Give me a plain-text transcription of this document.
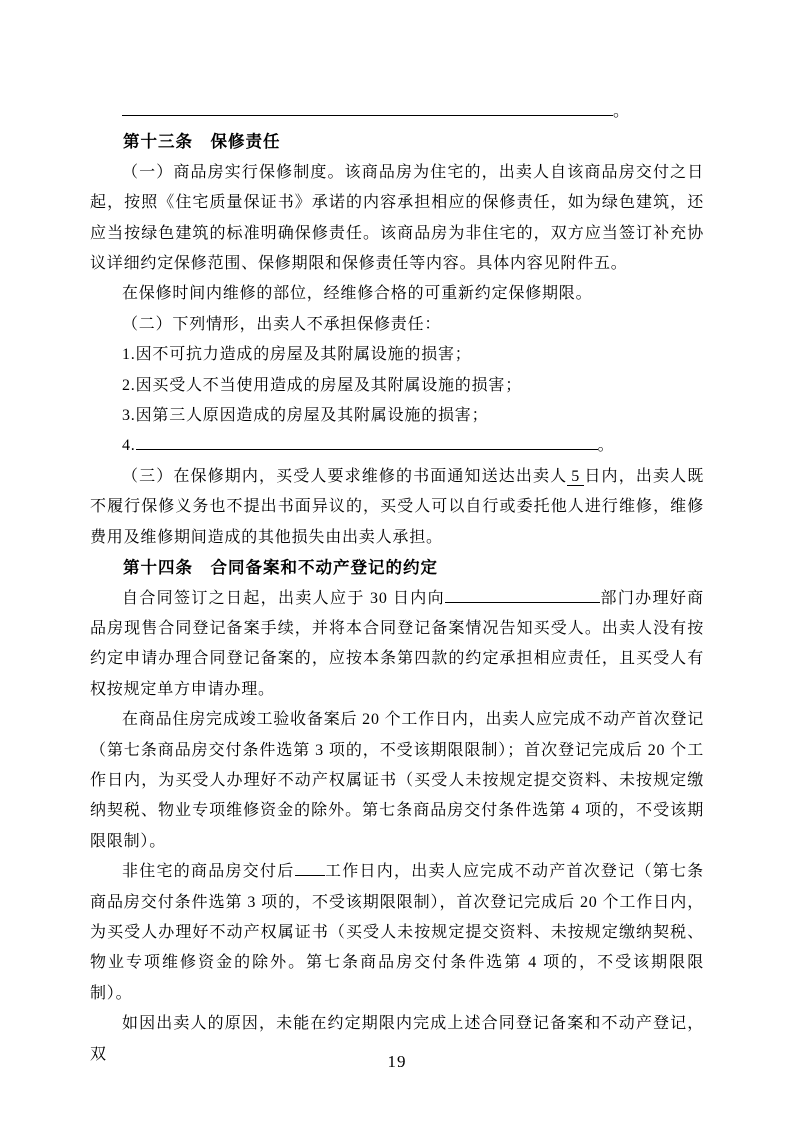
。

第十三条　保修责任

（一）商品房实行保修制度。该商品房为住宅的，出卖人自该商品房交付之日起，按照《住宅质量保证书》承诺的内容承担相应的保修责任，如为绿色建筑，还应当按绿色建筑的标准明确保修责任。该商品房为非住宅的，双方应当签订补充协议详细约定保修范围、保修期限和保修责任等内容。具体内容见附件五。

在保修时间内维修的部位，经维修合格的可重新约定保修期限。

（二）下列情形，出卖人不承担保修责任：

1.因不可抗力造成的房屋及其附属设施的损害；

2.因买受人不当使用造成的房屋及其附属设施的损害；

3.因第三人原因造成的房屋及其附属设施的损害；

4.	。

（三）在保修期内，买受人要求维修的书面通知送达出卖人 5 日内，出卖人既不履行保修义务也不提出书面异议的，买受人可以自行或委托他人进行维修，维修费用及维修期间造成的其他损失由出卖人承担。

第十四条　合同备案和不动产登记的约定

自合同签订之日起，出卖人应于 30 日内向	部门办理好商品房现售合同登记备案手续，并将本合同登记备案情况告知买受人。出卖人没有按约定申请办理合同登记备案的，应按本条第四款的约定承担相应责任，且买受人有权按规定单方申请办理。

在商品住房完成竣工验收备案后 20 个工作日内，出卖人应完成不动产首次登记（第七条商品房交付条件选第 3 项的，不受该期限限制）；首次登记完成后 20 个工作日内，为买受人办理好不动产权属证书（买受人未按规定提交资料、未按规定缴纳契税、物业专项维修资金的除外。第七条商品房交付条件选第 4 项的，不受该期限限制）。

非住宅的商品房交付后 工作日内，出卖人应完成不动产首次登记（第七条商品房交付条件选第 3 项的，不受该期限限制），首次登记完成后 20 个工作日内，为买受人办理好不动产权属证书（买受人未按规定提交资料、未按规定缴纳契税、物业专项维修资金的除外。第七条商品房交付条件选第 4 项的，不受该期限限制）。

如因出卖人的原因，未能在约定期限内完成上述合同登记备案和不动产登记，双	19
